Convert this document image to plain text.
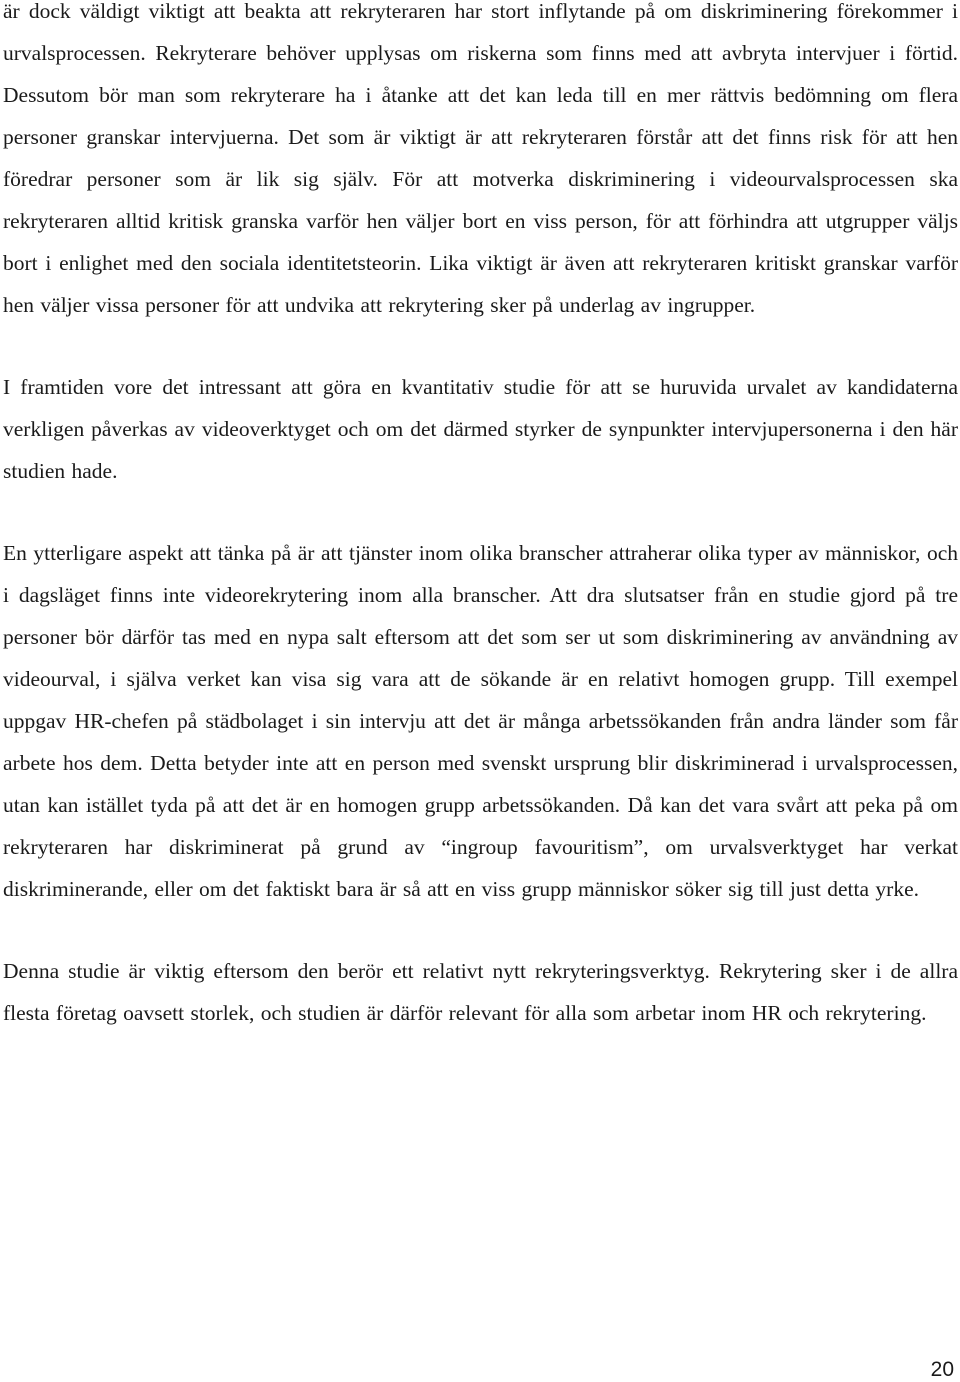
är dock väldigt viktigt att beakta att rekryteraren har stort inflytande på om diskriminering förekommer i urvalsprocessen. Rekryterare behöver upplysas om riskerna som finns med att avbryta intervjuer i förtid. Dessutom bör man som rekryterare ha i åtanke att det kan leda till en mer rättvis bedömning om flera personer granskar intervjuerna. Det som är viktigt är att rekryteraren förstår att det finns risk för att hen föredrar personer som är lik sig själv. För att motverka diskriminering i videourvalsprocessen ska rekryteraren alltid kritisk granska varför hen väljer bort en viss person, för att förhindra att utgrupper väljs bort i enlighet med den sociala identitetsteorin. Lika viktigt är även att rekryteraren kritiskt granskar varför hen väljer vissa personer för att undvika att rekrytering sker på underlag av ingrupper.

I framtiden vore det intressant att göra en kvantitativ studie för att se huruvida urvalet av kandidaterna verkligen påverkas av videoverktyget och om det därmed styrker de synpunkter intervjupersonerna i den här studien hade.

En ytterligare aspekt att tänka på är att tjänster inom olika branscher attraherar olika typer av människor, och i dagsläget finns inte videorekrytering inom alla branscher. Att dra slutsatser från en studie gjord på tre personer bör därför tas med en nypa salt eftersom att det som ser ut som diskriminering av användning av videourval, i själva verket kan visa sig vara att de sökande är en relativt homogen grupp. Till exempel uppgav HR-chefen på städbolaget i sin intervju att det är många arbetssökanden från andra länder som får arbete hos dem. Detta betyder inte att en person med svenskt ursprung blir diskriminerad i urvalsprocessen, utan kan istället tyda på att det är en homogen grupp arbetssökanden. Då kan det vara svårt att peka på om rekryteraren har diskriminerat på grund av “ingroup favouritism”, om urvalsverktyget har verkat diskriminerande, eller om det faktiskt bara är så att en viss grupp människor söker sig till just detta yrke.

Denna studie är viktig eftersom den berör ett relativt nytt rekryteringsverktyg. Rekrytering sker i de allra flesta företag oavsett storlek, och studien är därför relevant för alla som arbetar inom HR och rekrytering.

20
